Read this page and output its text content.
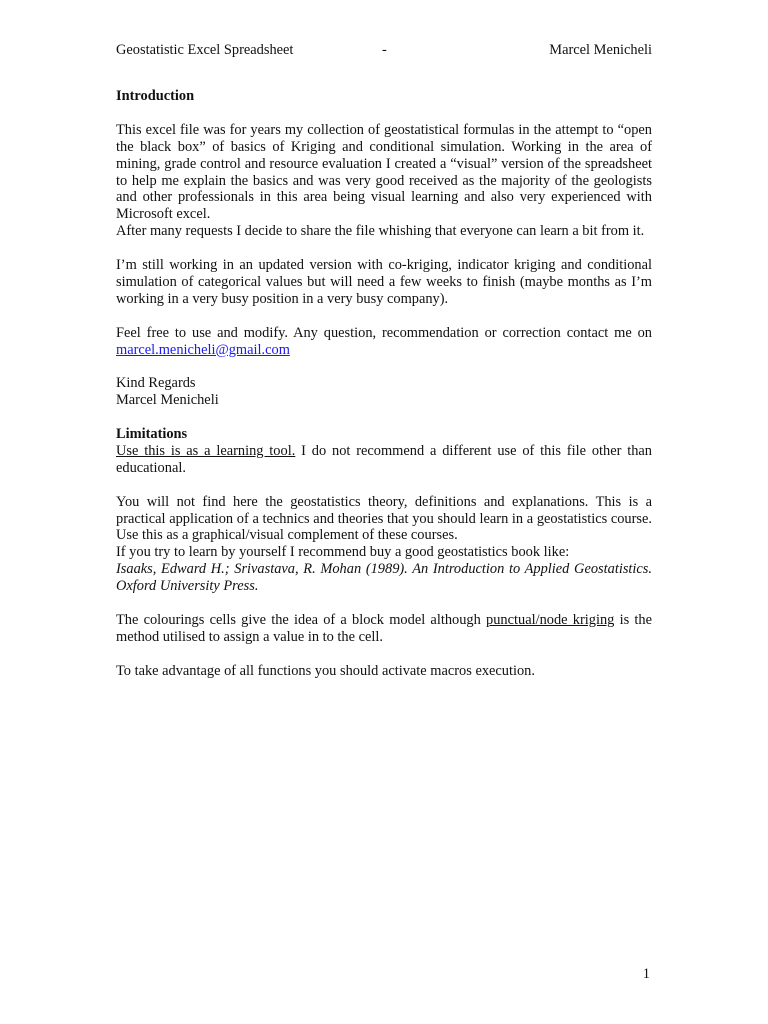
Geostatistic Excel Spreadsheet	-	Marcel Menicheli
Introduction

This excel file was for years my collection of geostatistical formulas in the attempt to “open the black box” of basics of Kriging and conditional simulation. Working in the area of mining, grade control and resource evaluation I created a “visual” version of the spreadsheet to help me explain the basics and was very good received as the majority of the geologists and other professionals in this area being visual learning and also very experienced with Microsoft excel.

After many requests I decide to share the file whishing that everyone can learn a bit from it.

I’m still working in an updated version with co-kriging, indicator kriging and conditional simulation of categorical values but will need a few weeks to finish (maybe months as I’m working in a very busy position in a very busy company).

Feel free to use and modify. Any question, recommendation or correction contact me on marcel.menicheli@gmail.com

Kind Regards
Marcel Menicheli

Limitations

Use this is as a learning tool. I do not recommend a different use of this file other than educational.

You will not find here the geostatistics theory, definitions and explanations. This is a practical application of a technics and theories that you should learn in a geostatistics course. Use this as a graphical/visual complement of these courses.

If you try to learn by yourself I recommend buy a good geostatistics book like:

Isaaks, Edward H.; Srivastava, R. Mohan (1989). An Introduction to Applied Geostatistics. Oxford University Press.

The colourings cells give the idea of a block model although punctual/node kriging is the method utilised to assign a value in to the cell.

To take advantage of all functions you should activate macros execution.

1
